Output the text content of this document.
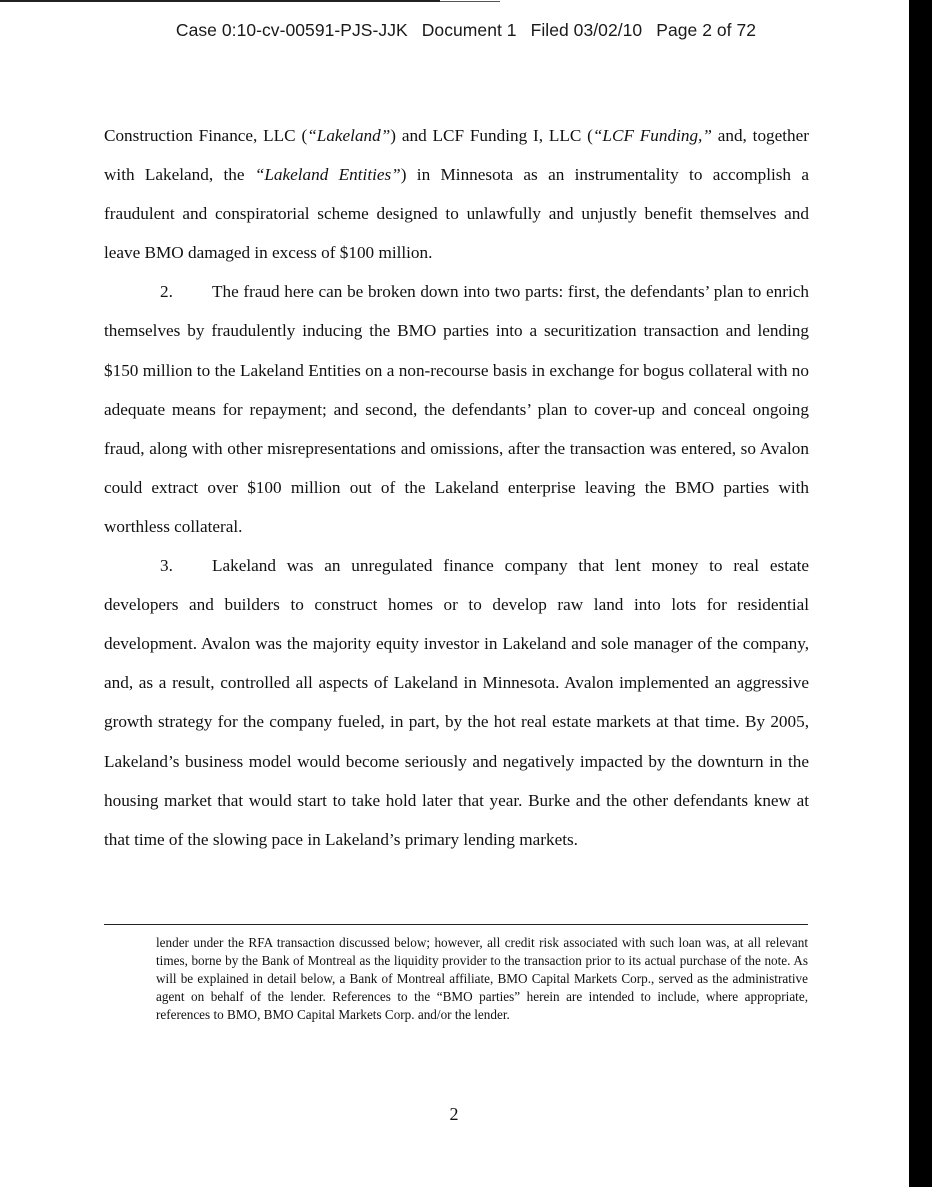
Case 0:10-cv-00591-PJS-JJK Document 1 Filed 03/02/10 Page 2 of 72

Construction Finance, LLC (“Lakeland”) and LCF Funding I, LLC (“LCF Funding,” and, together with Lakeland, the “Lakeland Entities”) in Minnesota as an instrumentality to accomplish a fraudulent and conspiratorial scheme designed to unlawfully and unjustly benefit themselves and leave BMO damaged in excess of $100 million.

2. The fraud here can be broken down into two parts: first, the defendants’ plan to enrich themselves by fraudulently inducing the BMO parties into a securitization transaction and lending $150 million to the Lakeland Entities on a non-recourse basis in exchange for bogus collateral with no adequate means for repayment; and second, the defendants’ plan to cover-up and conceal ongoing fraud, along with other misrepresentations and omissions, after the transaction was entered, so Avalon could extract over $100 million out of the Lakeland enterprise leaving the BMO parties with worthless collateral.

3. Lakeland was an unregulated finance company that lent money to real estate developers and builders to construct homes or to develop raw land into lots for residential development. Avalon was the majority equity investor in Lakeland and sole manager of the company, and, as a result, controlled all aspects of Lakeland in Minnesota. Avalon implemented an aggressive growth strategy for the company fueled, in part, by the hot real estate markets at that time. By 2005, Lakeland’s business model would become seriously and negatively impacted by the downturn in the housing market that would start to take hold later that year. Burke and the other defendants knew at that time of the slowing pace in Lakeland’s primary lending markets.

lender under the RFA transaction discussed below; however, all credit risk associated with such loan was, at all relevant times, borne by the Bank of Montreal as the liquidity provider to the transaction prior to its actual purchase of the note. As will be explained in detail below, a Bank of Montreal affiliate, BMO Capital Markets Corp., served as the administrative agent on behalf of the lender. References to the “BMO parties” herein are intended to include, where appropriate, references to BMO, BMO Capital Markets Corp. and/or the lender.
2
